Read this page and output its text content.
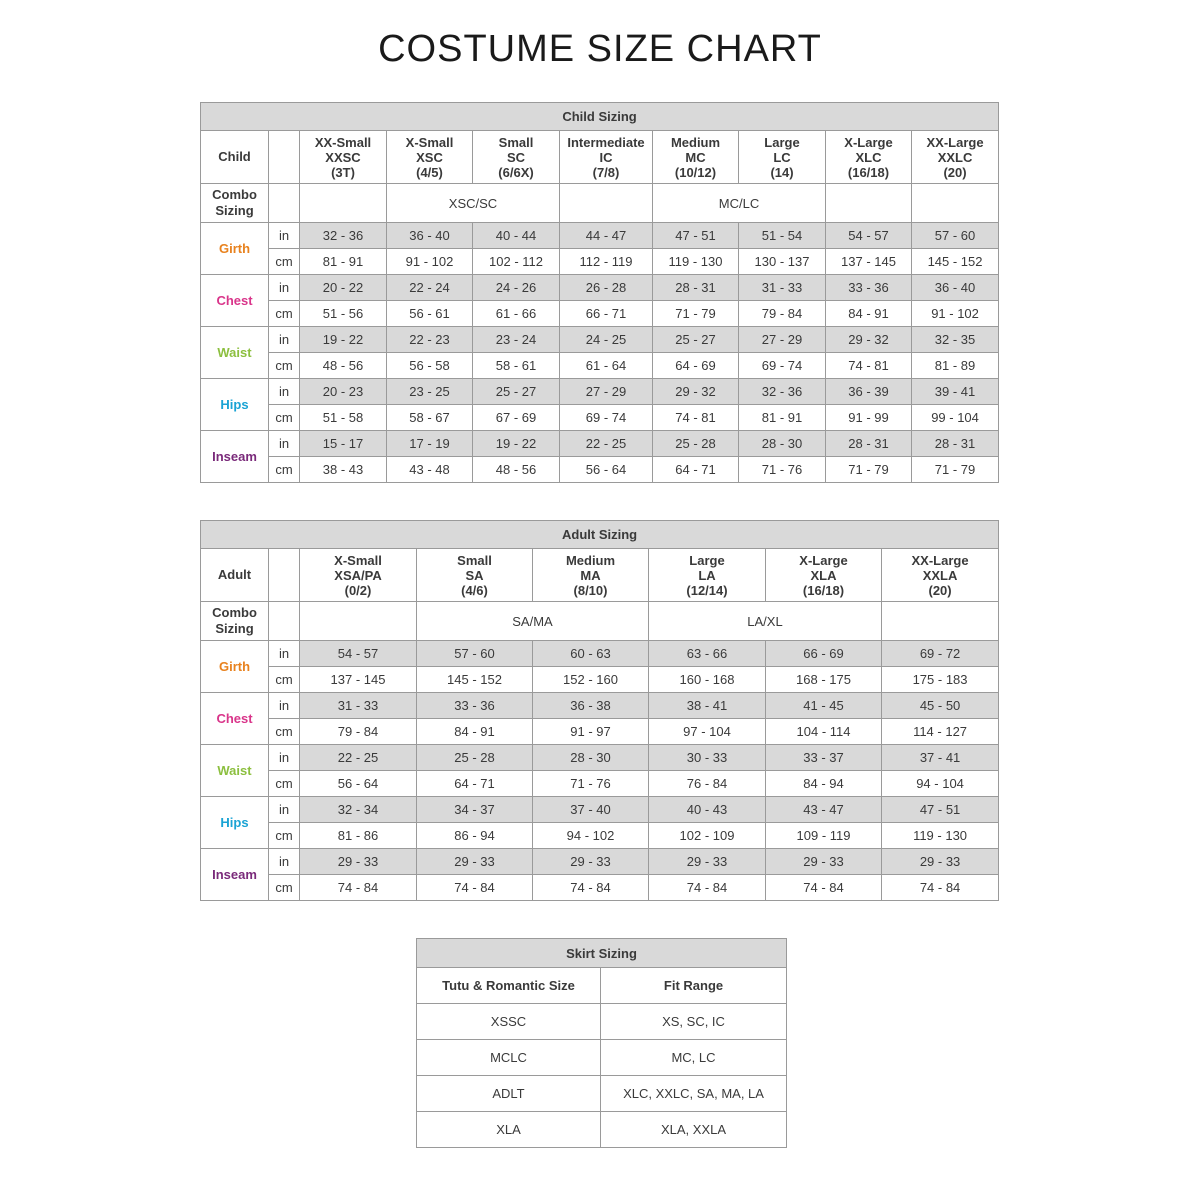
COSTUME SIZE CHART
Child Sizing									
Child		XX-Small
XXSC
(3T)	X-Small
XSC
(4/5)	Small
SC
(6/6X)	Intermediate
IC
(7/8)	Medium
MC
(10/12)	Large
LC
(14)	X-Large
XLC
(16/18)	XX-Large
XXLC
(20)

Combo Sizing			XSC/SC			MC/LC			
Girth	in	32 - 36	36 - 40	40 - 44	44 - 47	47 - 51	51 - 54	54 - 57	57 - 60
	cm	81 - 91	91 - 102	102 - 112	112 - 119	119 - 130	130 - 137	137 - 145	145 - 152
Chest	in	20 - 22	22 - 24	24 - 26	26 - 28	28 - 31	31 - 33	33 - 36	36 - 40
	cm	51 - 56	56 - 61	61 - 66	66 - 71	71 - 79	79 - 84	84 - 91	91 - 102
Waist	in	19 - 22	22 - 23	23 - 24	24 - 25	25 - 27	27 - 29	29 - 32	32 - 35
	cm	48 - 56	56 - 58	58 - 61	61 - 64	64 - 69	69 - 74	74 - 81	81 - 89
Hips	in	20 - 23	23 - 25	25 - 27	27 - 29	29 - 32	32 - 36	36 - 39	39 - 41
	cm	51 - 58	58 - 67	67 - 69	69 - 74	74 - 81	81 - 91	91 - 99	99 - 104
Inseam	in	15 - 17	17 - 19	19 - 22	22 - 25	25 - 28	28 - 30	28 - 31	28 - 31
	cm	38 - 43	43 - 48	48 - 56	56 - 64	64 - 71	71 - 76	71 - 79	71 - 79
Adult Sizing							
Adult		X-Small
XSA/PA
(0/2)	Small
SA
(4/6)	Medium
MA
(8/10)	Large
LA
(12/14)	X-Large
XLA
(16/18)	XX-Large
XXLA
(20)

Combo Sizing			SA/MA		LA/XL		
Girth	in	54 - 57	57 - 60	60 - 63	63 - 66	66 - 69	69 - 72
	cm	137 - 145	145 - 152	152 - 160	160 - 168	168 - 175	175 - 183
Chest	in	31 - 33	33 - 36	36 - 38	38 - 41	41 - 45	45 - 50
	cm	79 - 84	84 - 91	91 - 97	97 - 104	104 - 114	114 - 127
Waist	in	22 - 25	25 - 28	28 - 30	30 - 33	33 - 37	37 - 41
	cm	56 - 64	64 - 71	71 - 76	76 - 84	84 - 94	94 - 104
Hips	in	32 - 34	34 - 37	37 - 40	40 - 43	43 - 47	47 - 51
	cm	81 - 86	86 - 94	94 - 102	102 - 109	109 - 119	119 - 130
Inseam	in	29 - 33	29 - 33	29 - 33	29 - 33	29 - 33	29 - 33
	cm	74 - 84	74 - 84	74 - 84	74 - 84	74 - 84	74 - 84
Skirt Sizing	
Tutu & Romantic Size	Fit Range
XSSC	XS, SC, IC
MCLC	MC, LC
ADLT	XLC, XXLC, SA, MA, LA
XLA	XLA, XXLA
